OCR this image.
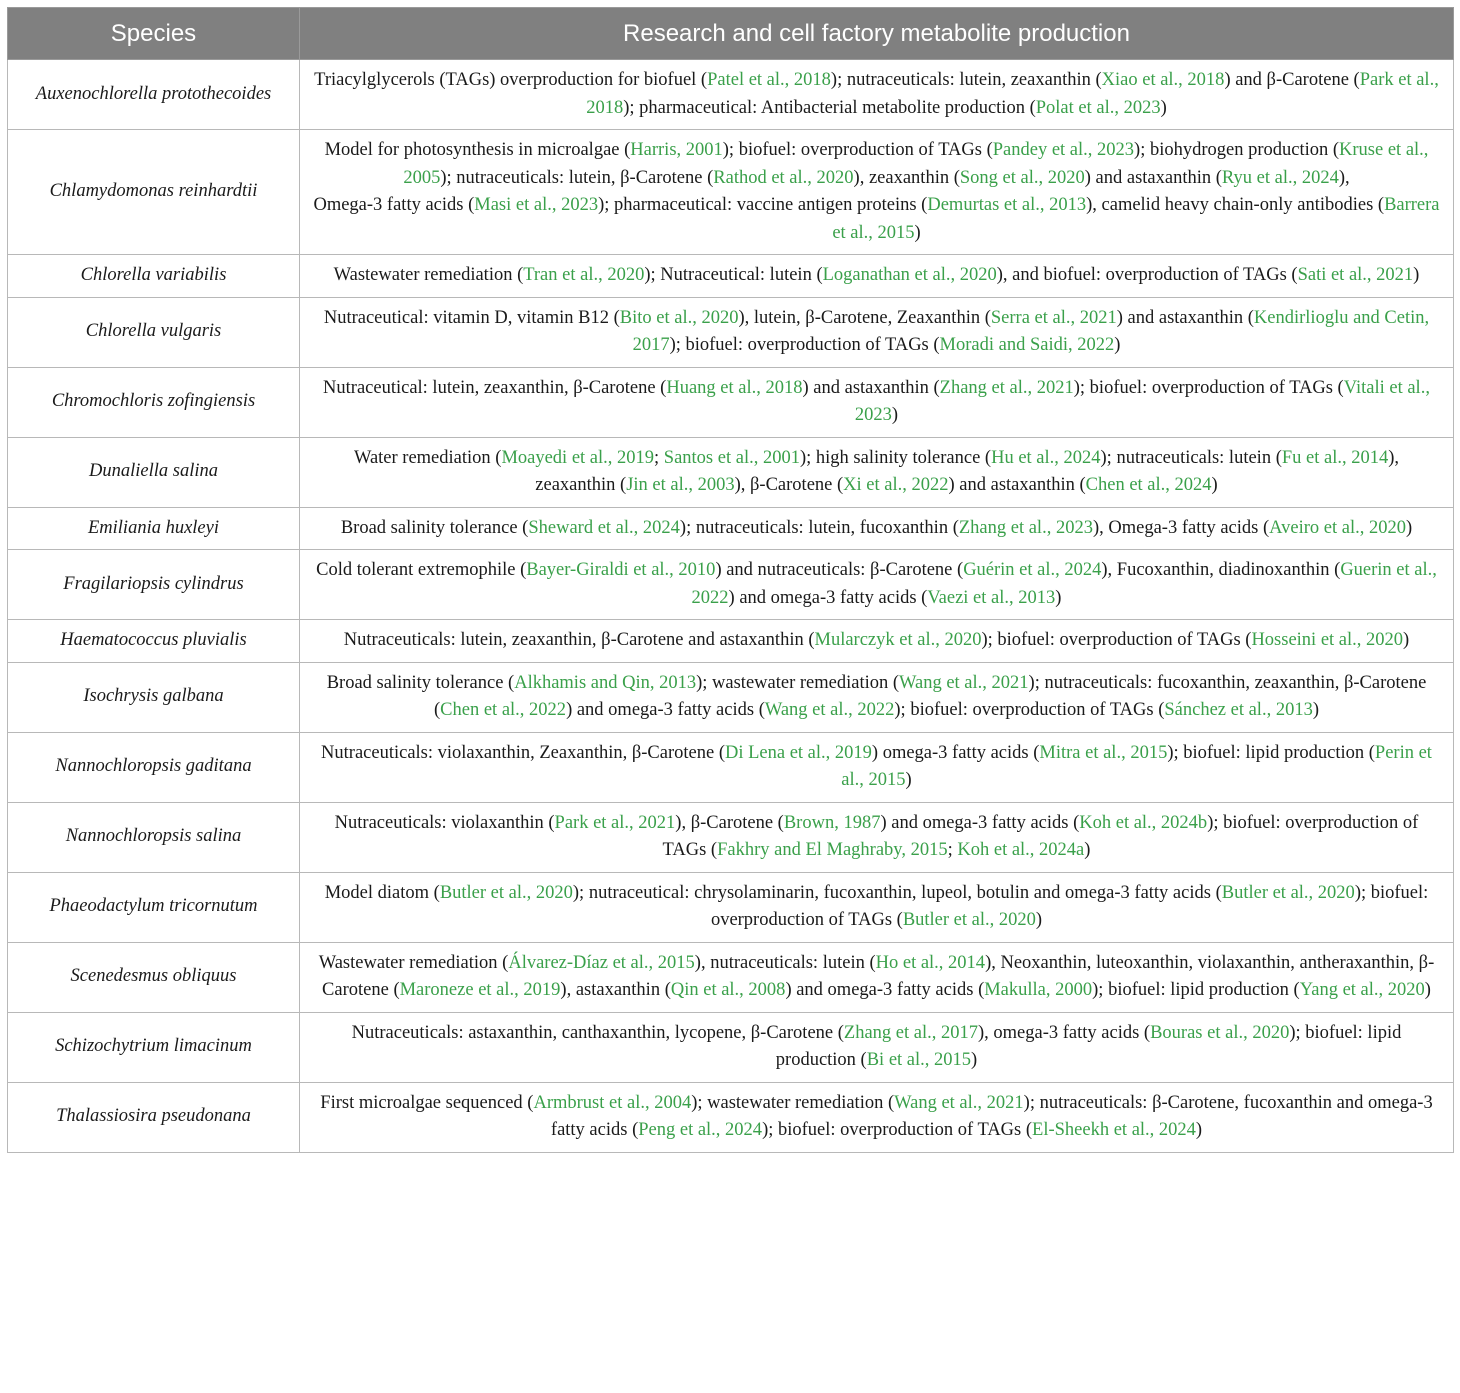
Species	Research and cell factory metabolite production
Auxenochlorella protothecoides	Triacylglycerols (TAGs) overproduction for biofuel (Patel et al., 2018); nutraceuticals: lutein, zeaxanthin (Xiao et al., 2018) and β-Carotene (Park et al., 2018); pharmaceutical: Antibacterial metabolite production (Polat et al., 2023)
Chlamydomonas reinhardtii	Model for photosynthesis in microalgae (Harris, 2001); biofuel: overproduction of TAGs (Pandey et al., 2023); biohydrogen production (Kruse et al., 2005); nutraceuticals: lutein, β-Carotene (Rathod et al., 2020), zeaxanthin (Song et al., 2020) and astaxanthin (Ryu et al., 2024),
Omega-3 fatty acids (Masi et al., 2023); pharmaceutical: vaccine antigen proteins (Demurtas et al., 2013), camelid heavy chain-only antibodies (Barrera et al., 2015)
Chlorella variabilis	Wastewater remediation (Tran et al., 2020); Nutraceutical: lutein (Loganathan et al., 2020), and biofuel: overproduction of TAGs (Sati et al., 2021)
Chlorella vulgaris	Nutraceutical: vitamin D, vitamin B12 (Bito et al., 2020), lutein, β-Carotene, Zeaxanthin (Serra et al., 2021) and astaxanthin (Kendirlioglu and Cetin, 2017); biofuel: overproduction of TAGs (Moradi and Saidi, 2022)
Chromochloris zofingiensis	Nutraceutical: lutein, zeaxanthin, β-Carotene (Huang et al., 2018) and astaxanthin (Zhang et al., 2021); biofuel: overproduction of TAGs (Vitali et al., 2023)
Dunaliella salina	Water remediation (Moayedi et al., 2019; Santos et al., 2001); high salinity tolerance (Hu et al., 2024); nutraceuticals: lutein (Fu et al., 2014), zeaxanthin (Jin et al., 2003), β-Carotene (Xi et al., 2022) and astaxanthin (Chen et al., 2024)
Emiliania huxleyi	Broad salinity tolerance (Sheward et al., 2024); nutraceuticals: lutein, fucoxanthin (Zhang et al., 2023), Omega-3 fatty acids (Aveiro et al., 2020)
Fragilariopsis cylindrus	Cold tolerant extremophile (Bayer-Giraldi et al., 2010) and nutraceuticals: β-Carotene (Guérin et al., 2024), Fucoxanthin, diadinoxanthin (Guerin et al., 2022) and omega-3 fatty acids (Vaezi et al., 2013)
Haematococcus pluvialis	Nutraceuticals: lutein, zeaxanthin, β-Carotene and astaxanthin (Mularczyk et al., 2020); biofuel: overproduction of TAGs (Hosseini et al., 2020)
Isochrysis galbana	Broad salinity tolerance (Alkhamis and Qin, 2013); wastewater remediation (Wang et al., 2021); nutraceuticals: fucoxanthin, zeaxanthin, β-Carotene (Chen et al., 2022) and omega-3 fatty acids (Wang et al., 2022); biofuel: overproduction of TAGs (Sánchez et al., 2013)
Nannochloropsis gaditana	Nutraceuticals: violaxanthin, Zeaxanthin, β-Carotene (Di Lena et al., 2019) omega-3 fatty acids (Mitra et al., 2015); biofuel: lipid production (Perin et al., 2015)
Nannochloropsis salina	Nutraceuticals: violaxanthin (Park et al., 2021), β-Carotene (Brown, 1987) and omega-3 fatty acids (Koh et al., 2024b); biofuel: overproduction of TAGs (Fakhry and El Maghraby, 2015; Koh et al., 2024a)
Phaeodactylum tricornutum	Model diatom (Butler et al., 2020); nutraceutical: chrysolaminarin, fucoxanthin, lupeol, botulin and omega-3 fatty acids (Butler et al., 2020); biofuel: overproduction of TAGs (Butler et al., 2020)
Scenedesmus obliquus	Wastewater remediation (Álvarez-Díaz et al., 2015), nutraceuticals: lutein (Ho et al., 2014), Neoxanthin, luteoxanthin, violaxanthin, antheraxanthin, β-Carotene (Maroneze et al., 2019), astaxanthin (Qin et al., 2008) and omega-3 fatty acids (Makulla, 2000); biofuel: lipid production (Yang et al., 2020)
Schizochytrium limacinum	Nutraceuticals: astaxanthin, canthaxanthin, lycopene, β-Carotene (Zhang et al., 2017), omega-3 fatty acids (Bouras et al., 2020); biofuel: lipid production (Bi et al., 2015)
Thalassiosira pseudonana	First microalgae sequenced (Armbrust et al., 2004); wastewater remediation (Wang et al., 2021); nutraceuticals: β-Carotene, fucoxanthin and omega-3 fatty acids (Peng et al., 2024); biofuel: overproduction of TAGs (El-Sheekh et al., 2024)
